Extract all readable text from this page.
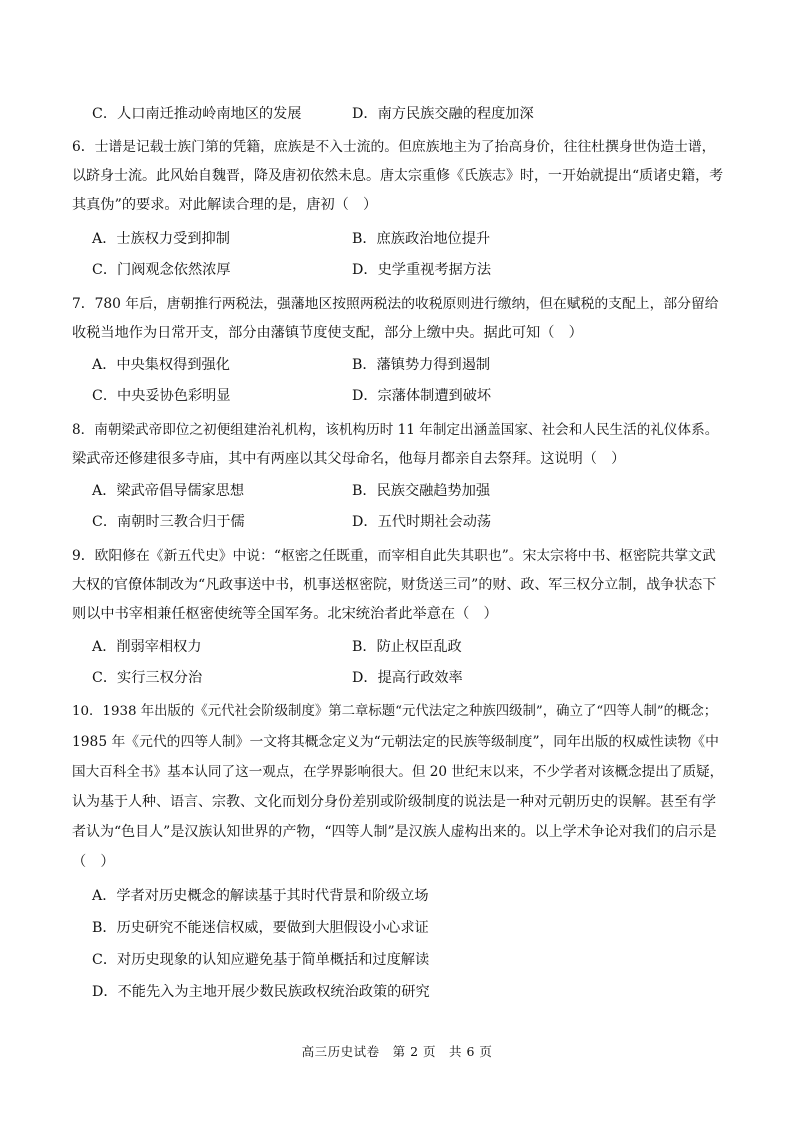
C．人口南迁推动岭南地区的发展	D．南方民族交融的程度加深
6．士谱是记载士族门第的凭籍，庶族是不入士流的。但庶族地主为了抬高身价，往往杜撰身世伪造士谱，
以跻身士流。此风始自魏晋，降及唐初依然未息。唐太宗重修《氏族志》时，一开始就提出“质诸史籍，考
其真伪”的要求。对此解读合理的是，唐初（　）
A．士族权力受到抑制	B．庶族政治地位提升
C．门阀观念依然浓厚	D．史学重视考据方法
7．780 年后，唐朝推行两税法，强藩地区按照两税法的收税原则进行缴纳，但在赋税的支配上，部分留给
收税当地作为日常开支，部分由藩镇节度使支配，部分上缴中央。据此可知（　）
A．中央集权得到强化	B．藩镇势力得到遏制
C．中央妥协色彩明显	D．宗藩体制遭到破坏
8．南朝梁武帝即位之初便组建治礼机构，该机构历时 11 年制定出涵盖国家、社会和人民生活的礼仪体系。
梁武帝还修建很多寺庙，其中有两座以其父母命名，他每月都亲自去祭拜。这说明（　）
A．梁武帝倡导儒家思想	B．民族交融趋势加强
C．南朝时三教合归于儒	D．五代时期社会动荡
9．欧阳修在《新五代史》中说：“枢密之任既重，而宰相自此失其职也”。宋太宗将中书、枢密院共掌文武
大权的官僚体制改为“凡政事送中书，机事送枢密院，财货送三司”的财、政、军三权分立制，战争状态下
则以中书宰相兼任枢密使统等全国军务。北宋统治者此举意在（　）
A．削弱宰相权力	B．防止权臣乱政
C．实行三权分治	D．提高行政效率
10．1938 年出版的《元代社会阶级制度》第二章标题“元代法定之种族四级制”，确立了“四等人制”的概念；
1985 年《元代的四等人制》一文将其概念定义为“元朝法定的民族等级制度”，同年出版的权威性读物《中
国大百科全书》基本认同了这一观点，在学界影响很大。但 20 世纪末以来，不少学者对该概念提出了质疑，
认为基于人种、语言、宗教、文化而划分身份差别或阶级制度的说法是一种对元朝历史的误解。甚至有学
者认为“色目人”是汉族认知世界的产物，“四等人制”是汉族人虚构出来的。以上学术争论对我们的启示是
（　）
A．学者对历史概念的解读基于其时代背景和阶级立场
B．历史研究不能迷信权威，要做到大胆假设小心求证
C．对历史现象的认知应避免基于简单概括和过度解读
D．不能先入为主地开展少数民族政权统治政策的研究
高三历史试卷　第 2 页　共 6 页
